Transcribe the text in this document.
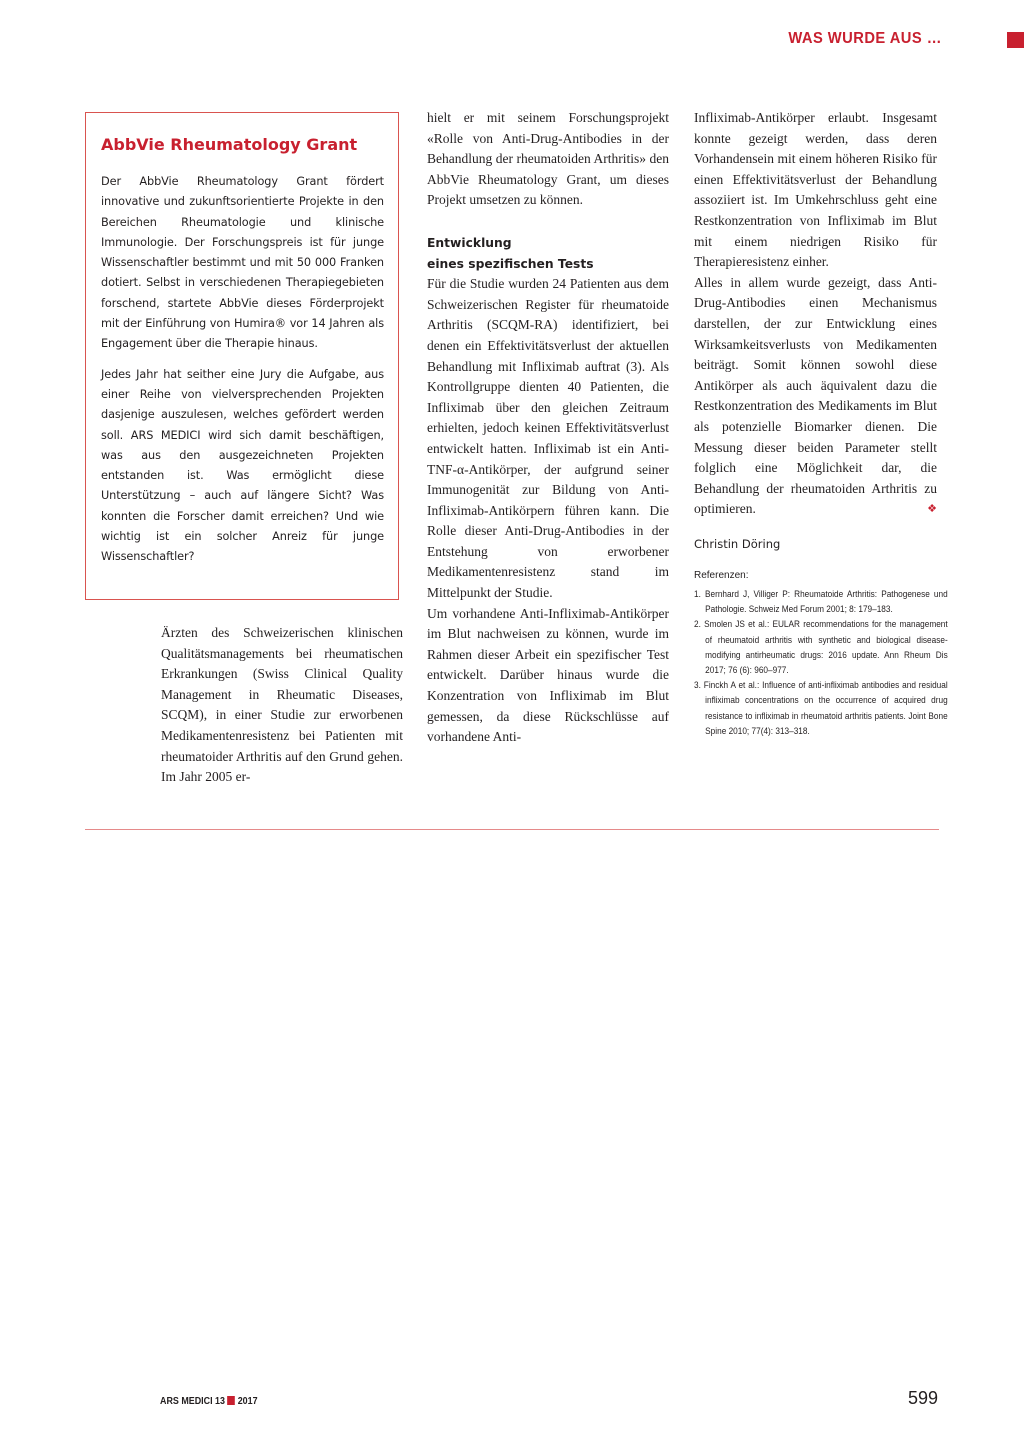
WAS WURDE AUS …
AbbVie Rheumatology Grant

Der AbbVie Rheumatology Grant fördert innovative und zukunftsorientierte Projekte in den Bereichen Rheumatologie und klinische Immunologie. Der Forschungspreis ist für junge Wissenschaftler bestimmt und mit 50 000 Franken dotiert. Selbst in verschiedenen Therapiegebieten forschend, startete AbbVie dieses Förderprojekt mit der Einführung von Humira® vor 14 Jahren als Engagement über die Therapie hinaus.

Jedes Jahr hat seither eine Jury die Aufgabe, aus einer Reihe von vielversprechenden Projekten dasjenige auszulesen, welches gefördert werden soll. ARS MEDICI wird sich damit beschäftigen, was aus den ausgezeichneten Projekten entstanden ist. Was ermöglicht diese Unterstützung – auch auf längere Sicht? Was konnten die Forscher damit erreichen? Und wie wichtig ist ein solcher Anreiz für junge Wissenschaftler?

Ärzten des Schweizerischen klinischen Qualitätsmanagements bei rheumatischen Erkrankungen (Swiss Clinical Quality Management in Rheumatic Diseases, SCQM), in einer Studie zur erworbenen Medikamentenresistenz bei Patienten mit rheumatoider Arthritis auf den Grund gehen. Im Jahr 2005 er-

hielt er mit seinem Forschungsprojekt «Rolle von Anti-Drug-Antibodies in der Behandlung der rheumatoiden Arthritis» den AbbVie Rheumatology Grant, um dieses Projekt umsetzen zu können.

Entwicklung
eines spezifischen Tests

Für die Studie wurden 24 Patienten aus dem Schweizerischen Register für rheumatoide Arthritis (SCQM-RA) identifiziert, bei denen ein Effektivitätsverlust der aktuellen Behandlung mit Infliximab auftrat (3). Als Kontrollgruppe dienten 40 Patienten, die Infliximab über den gleichen Zeitraum erhielten, jedoch keinen Effektivitätsverlust entwickelt hatten. Infliximab ist ein Anti-TNF-α-Antikörper, der aufgrund seiner Immunogenität zur Bildung von Anti-Infliximab-Antikörpern führen kann. Die Rolle dieser Anti-Drug-Antibodies in der Entstehung von erworbener Medikamentenresistenz stand im Mittelpunkt der Studie.

Um vorhandene Anti-Infliximab-Antikörper im Blut nachweisen zu können, wurde im Rahmen dieser Arbeit ein spezifischer Test entwickelt. Darüber hinaus wurde die Konzentration von Infliximab im Blut gemessen, da diese Rückschlüsse auf vorhandene Anti-

Infliximab-Antikörper erlaubt. Insgesamt konnte gezeigt werden, dass deren Vorhandensein mit einem höheren Risiko für einen Effektivitätsverlust der Behandlung assoziiert ist. Im Umkehrschluss geht eine Restkonzentration von Infliximab im Blut mit einem niedrigen Risiko für Therapieresistenz einher.

Alles in allem wurde gezeigt, dass Anti-Drug-Antibodies einen Mechanismus darstellen, der zur Entwicklung eines Wirksamkeitsverlusts von Medikamenten beiträgt. Somit können sowohl diese Antikörper als auch äquivalent dazu die Restkonzentration des Medikaments im Blut als potenzielle Biomarker dienen. Die Messung dieser beiden Parameter stellt folglich eine Möglichkeit dar, die Behandlung der rheumatoiden Arthritis zu optimieren.	❖

Christin Döring

Referenzen:

1. Bernhard J, Villiger P: Rheumatoide Arthritis: Pathogenese und Pathologie. Schweiz Med Forum 2001; 8: 179–183.
2. Smolen JS et al.: EULAR recommendations for the management of rheumatoid arthritis with synthetic and biological disease-modifying antirheumatic drugs: 2016 update. Ann Rheum Dis 2017; 76 (6): 960–977.
3. Finckh A et al.: Influence of anti-infliximab antibodies and residual infliximab concentrations on the occurrence of acquired drug resistance to infliximab in rheumatoid arthritis patients. Joint Bone Spine 2010; 77(4): 313–318.
ARS MEDICI 13 2017	599
